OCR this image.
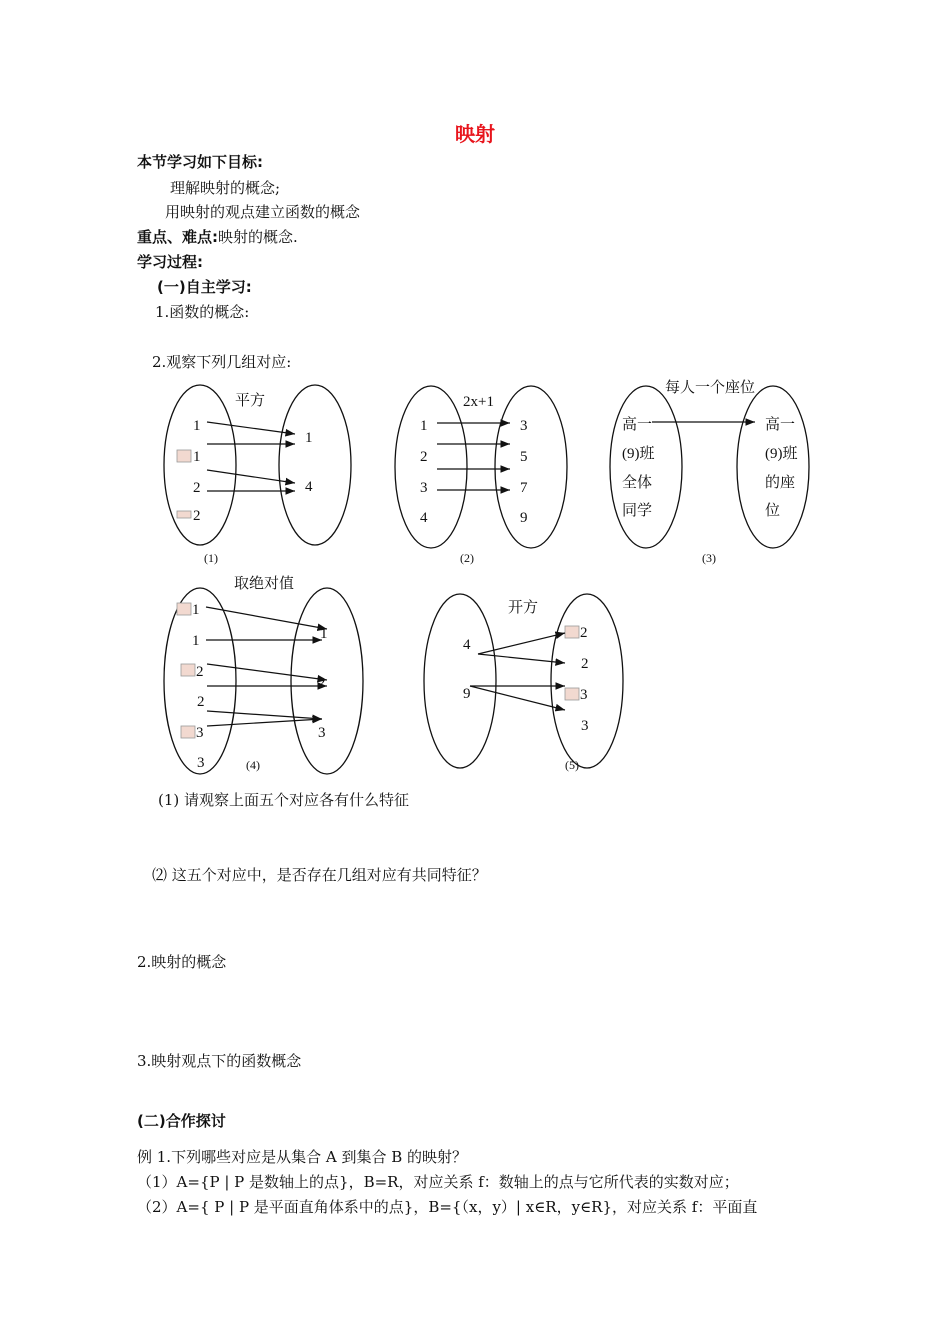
映射
本节学习如下目标:
理解映射的概念;
用映射的观点建立函数的概念
重点、难点:映射的概念.
学习过程:
(一)自主学习:
1.函数的概念:
2.观察下列几组对应:
平方
1
1
2
2
1
4
(1)
2x+1
1
2
3
4
3
5
7
9
(2)
每人一个座位
高一
(9)班
全体
同学
高一
(9)班
的座
位
(3)
取绝对值
1
1
2
2
3
3
1
2
3
(4)
开方
4
9
2
2
3
3
(5)
(1) 请观察上面五个对应各有什么特征
⑵ 这五个对应中，是否存在几组对应有共同特征？
2.映射的概念
3.映射观点下的函数概念
(二)合作探讨
例 1.下列哪些对应是从集合 A 到集合 B 的映射？
（1）A={P | P 是数轴上的点}，B=R，对应关系 f：数轴上的点与它所代表的实数对应；
（2）A={ P | P 是平面直角体系中的点}，B={（x，y）| x∈R，y∈R}，对应关系 f：平面直
